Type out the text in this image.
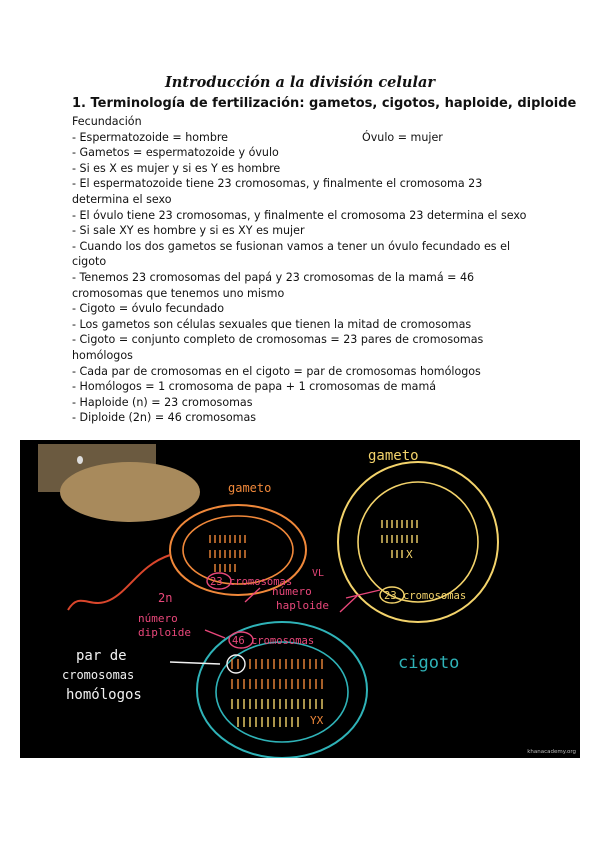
Introducción a la división celular
1. Terminología de fertilización: gametos, cigotos, haploide, diploide
Fecundación
- Espermatozoide = hombre	Óvulo = mujer
- Gametos = espermatozoide y óvulo
- Si es X es mujer y si es Y es hombre
- El espermatozoide tiene 23 cromosomas, y finalmente el cromosoma 23 determina el sexo
- El óvulo tiene 23 cromosomas, y finalmente el cromosoma 23 determina el sexo
- Si sale XY es hombre y si es XY es mujer
- Cuando los dos gametos se fusionan vamos a tener un óvulo fecundado es el cigoto
- Tenemos 23 cromosomas del papá y 23 cromosomas de la mamá = 46 cromosomas que tenemos uno mismo
- Cigoto = óvulo fecundado
- Los gametos son células sexuales que tienen la mitad de cromosomas
- Cigoto = conjunto completo de cromosomas = 23 pares de cromosomas homólogos
- Cada par de cromosomas en el cigoto = par de cromosomas homólogos
- Homólogos = 1 cromosoma de papa + 1 cromosomas de mamá
- Haploide (n) = 23 cromosomas
- Diploide (2n) = 46 cromosomas
gameto
X
gameto
23 cromosomas
VL
número
haploide
23 cromosomas
2n
número
diploide
46 cromosomas
YX
cigoto
par de
cromosomas
homólogos
khanacademy.org
